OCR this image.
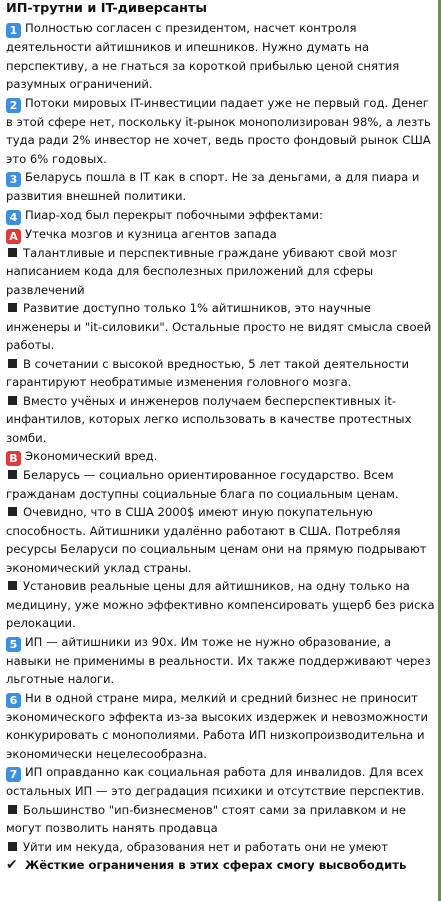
ИП-трутни и IT-диверсанты

1 Полностью согласен с президентом, насчет контроля деятельности айтишников и ипешников. Нужно думать на перспективу, а не гнаться за короткой прибылью ценой снятия разумных ограничений.

2 Потоки мировых IT-инвестиции падает уже не первый год. Денег в этой сфере нет, поскольку it-рынок монополизирован 98%, а лезть туда ради 2% инвестор не хочет, ведь просто фондовый рынок США это 6% годовых.

3 Беларусь пошла в IT как в спорт. Не за деньгами, а для пиара и развития внешней политики.

4 Пиар-ход был перекрыт побочными эффектами:

A Утечка мозгов и кузница агентов запада

Талантливые и перспективные граждане убивают свой мозг написанием кода для бесполезных приложений для сферы развлечений

Развитие доступно только 1% айтишников, это научные инженеры и "it-силовики". Остальные просто не видят смысла своей работы.

В сочетании с высокой вредностью, 5 лет такой деятельности гарантируют необратимые изменения головного мозга.

Вместо учёных и инженеров получаем бесперспективных it-инфантилов, которых легко использовать в качестве протестных зомби.

B Экономический вред.

Беларусь — социально ориентированное государство. Всем гражданам доступны социальные блага по социальным ценам.

Очевидно, что в США 2000$ имеют иную покупательную способность. Айтишники удалённо работают в США. Потребляя ресурсы Беларуси по социальным ценам они на прямую подрывают экономический уклад страны.

Установив реальные цены для айтишников, на одну только на медицину, уже можно эффективно компенсировать ущерб без риска релокации.

5 ИП — айтишники из 90х. Им тоже не нужно образование, а навыки не применимы в реальности. Их также поддерживают через льготные налоги.

6 Ни в одной стране мира, мелкий и средний бизнес не приносит экономического эффекта из-за высоких издержек и невозможности конкурировать с монополиями. Работа ИП низкопроизводительна и экономически нецелесообразна.

7 ИП оправданно как социальная работа для инвалидов. Для всех остальных ИП — это деградация психики и отсутствие перспектив.

Большинство "ип-бизнесменов" стоят сами за прилавком и не могут позволить нанять продавца

Уйти им некуда, образования нет и работать они не умеют

✔ Жёсткие ограничения в этих сферах смогу высвободить
